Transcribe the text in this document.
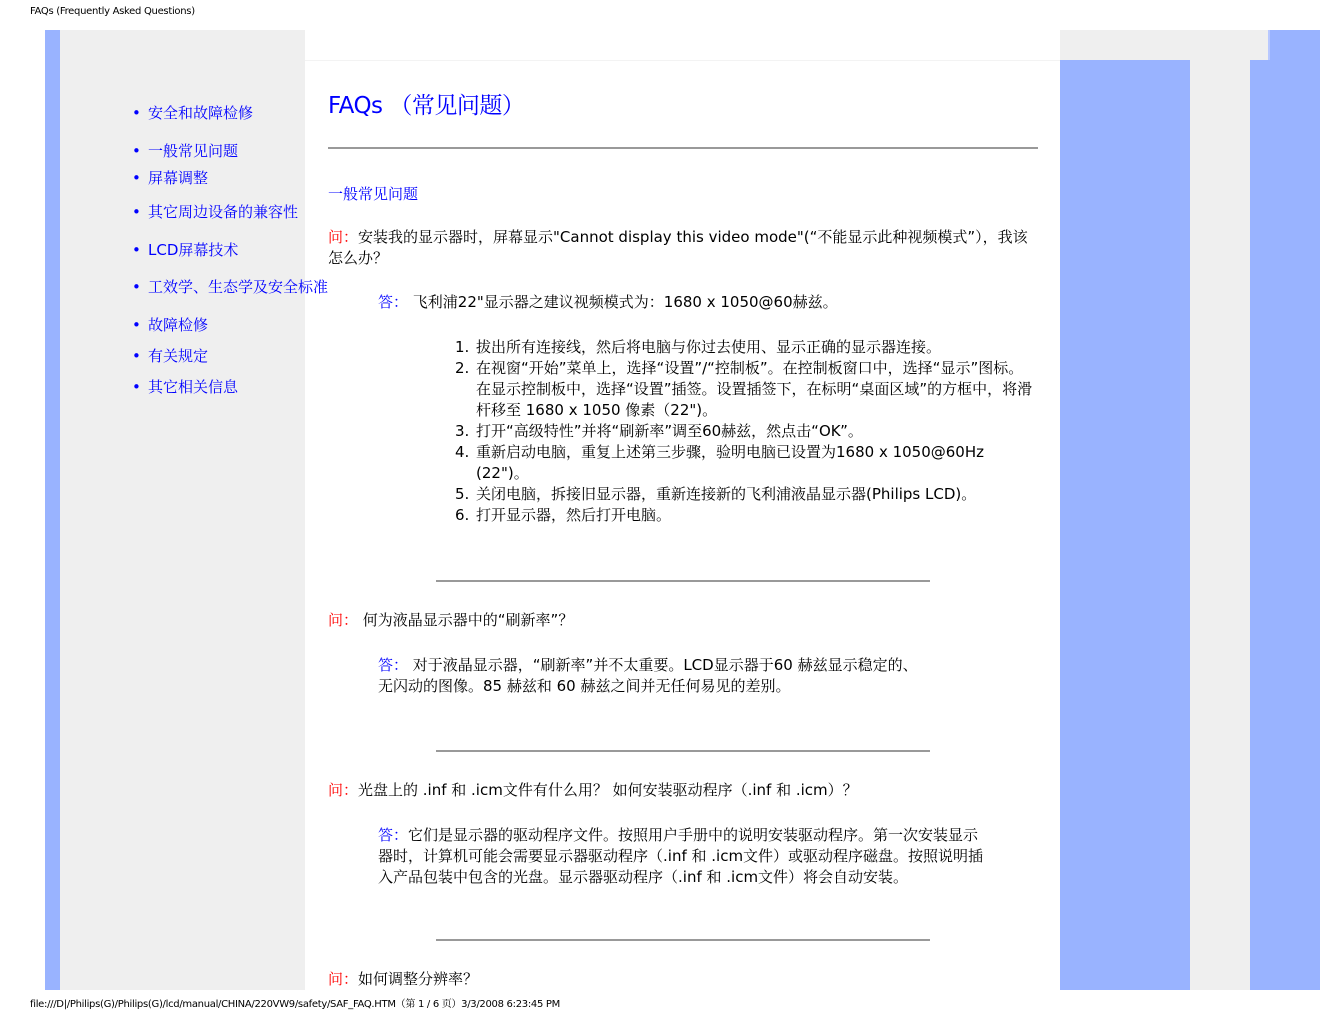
FAQs (Frequently Asked Questions)
• 安全和故障检修
• 一般常见问题
• 屏幕调整
• 其它周边设备的兼容性
• LCD屏幕技术
• 工效学、生态学及安全标准
• 故障检修
• 有关规定
• 其它相关信息
FAQs （常见问题）
一般常见问题
问：安装我的显示器时，屏幕显示"Cannot display this video mode"(“不能显示此种视频模式”），我该怎么办？
答： 飞利浦22"显示器之建议视频模式为：1680 x 1050@60赫兹。
1. 拔出所有连接线，然后将电脑与你过去使用、显示正确的显示器连接。
2. 在视窗“开始”菜单上，选择“设置”/“控制板”。在控制板窗口中，选择“显示”图标。在显示控制板中，选择“设置”插签。设置插签下，在标明“桌面区域”的方框中，将滑杆移至 1680 x 1050 像素（22")。
3. 打开“高级特性”并将“刷新率”调至60赫兹，然点击“OK”。
4. 重新启动电脑，重复上述第三步骤，验明电脑已设置为1680 x 1050@60Hz (22")。
5. 关闭电脑，拆接旧显示器，重新连接新的飞利浦液晶显示器(Philips LCD)。
6. 打开显示器，然后打开电脑。
问： 何为液晶显示器中的“刷新率”？
答： 对于液晶显示器，“刷新率”并不太重要。LCD显示器于60 赫兹显示稳定的、
无闪动的图像。85 赫兹和 60 赫兹之间并无任何易见的差别。
问：光盘上的 .inf 和 .icm文件有什么用？ 如何安装驱动程序（.inf 和 .icm）？
答：它们是显示器的驱动程序文件。按照用户手册中的说明安装驱动程序。第一次安装显示器时，计算机可能会需要显示器驱动程序（.inf 和 .icm文件）或驱动程序磁盘。按照说明插入产品包装中包含的光盘。显示器驱动程序（.inf 和 .icm文件）将会自动安装。
问：如何调整分辨率？
file:///D|/Philips(G)/Philips(G)/lcd/manual/CHINA/220VW9/safety/SAF_FAQ.HTM（第 1 / 6 页）3/3/2008 6:23:45 PM
